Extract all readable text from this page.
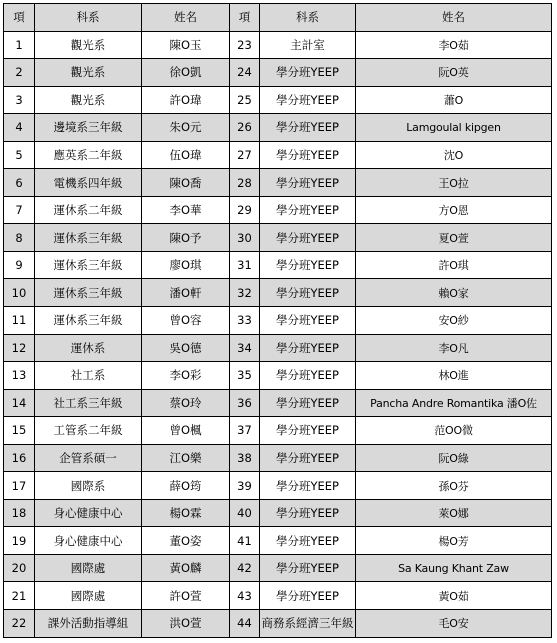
項	科系	姓名	項	科系	姓名
1	觀光系	陳O玉	23	主計室	李O茹
2	觀光系	徐O凱	24	學分班YEEP	阮O英
3	觀光系	許O瑋	25	學分班YEEP	蕭O
4	邊境系三年級	朱O元	26	學分班YEEP	Lamgoulal kipgen
5	應英系二年級	伍O瑋	27	學分班YEEP	沈O
6	電機系四年級	陳O喬	28	學分班YEEP	王O拉
7	運休系二年級	李O華	29	學分班YEEP	方O恩
8	運休系三年級	陳O予	30	學分班YEEP	夏O萱
9	運休系三年級	廖O琪	31	學分班YEEP	許O琪
10	運休系三年級	潘O軒	32	學分班YEEP	賴O家
11	運休系三年級	曾O容	33	學分班YEEP	安O紗
12	運休系	吳O德	34	學分班YEEP	李O凡
13	社工系	李O彩	35	學分班YEEP	林O進
14	社工系三年級	蔡O玲	36	學分班YEEP	Pancha Andre Romantika 潘O佐
15	工管系二年級	曾O楓	37	學分班YEEP	范OO微
16	企管系碩一	江O樂	38	學分班YEEP	阮O綠
17	國際系	薛O筠	39	學分班YEEP	孫O芬
18	身心健康中心	楊O霖	40	學分班YEEP	萊O娜
19	身心健康中心	董O姿	41	學分班YEEP	楊O芳
20	國際處	黃O麟	42	學分班YEEP	Sa Kaung Khant Zaw
21	國際處	許O萱	43	學分班YEEP	黃O茹
22	課外活動指導組	洪O萱	44	商務系經濟三年級	毛O安
